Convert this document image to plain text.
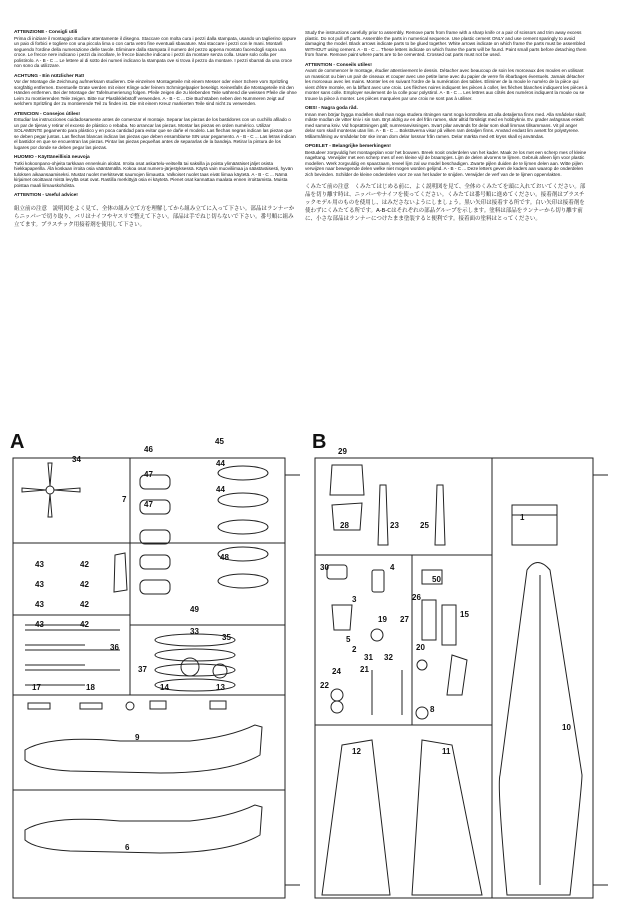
ATTENZIONE - Consigli utili

Prima di iniziare il montaggio studiare attentamente il disegno. Staccare con molta cura i pezzi dalla stampata, usando un taglierino oppure un paio di forbici e togliere con una piccola lima o con carta vetro fine eventuali sbavature. Mai staccare i pezzi con le mani. Montarli seguendo l'ordine della numerazione delle tavole. Eliminare dalla stampata il numero del pezzo appena montato facendogli sopra una croce. Le frecce nere indicano i pezzi da incollare, le frecce bianche indicano i pezzi da montare senza colla. Usare solo colla per polistirolo. A - B - C ... Le lettere al di sotto dei numeri indicano la stampata ove si trova il pezzo da montare. I pezzi sbarrati da una croce non sono da utilizzare.

ACHTUNG - Ein nützlicher Rat!

Vor der Montage die Zeichnung aufmerksam studieren. Die einzelnen Montageteile mit einem Messer oder einer Schere vom Spritzling sorgfältig entfernen. Eventuelle Grate werden mit einer Klinge oder feinem Schmirgelpapier beseitigt. Keinesfalls die Montageteile mit den Händen entfernen. Bei der Montage der Tafelnumerierung folgen. Pfeile zeigen die zu klebenden Teile während die weissen Pfeile die ohne Leim zu montierenden Teile zeigen. Bitte nur Plastikklebstoff verwenden. A - B - C ... Die Buchstaben neben den Nummeren zeigt auf welchem Spritzling der zu montierende Teil zu finden ist. Die mit einem Kreuz markierten Teile sind nicht zu verwenden.

ATENCION - Consejos útiles!

Estudiar las instrucciones cuidadosamente antes de comenzar el montaje. Separar las piezas de los bastidores con un cuchillo afilado o un par de tijeras y retirar el exceso de plástico o rebaba. No arrancar las piezas. Montar las piezas en orden numérico. Utilizar SOLAMENTE pegamento para plástico y en poca cantidad para evitar que se dañe el modelo. Las flechas negras indican las piezas que se deben pegar juntas. Las flechas blancas indican las piezas que deben ensamblarse SIN usar pegamento. A - B - C ... Las letras indican el bastidor en que se encuentran las piezas. Pintar las piezas pequeñas antes de separarlas de la bandeja. Retirar la pintura de los lugares por donde se deben pegar las piezas.

HUOMIO - Käyttäneillisiä neuvoja

Tutki kokoonpano-ohjeita tarkkaan ennenkuin aloitat. Irroita osat askartelu-veitsellä tai saksilla ja poista ylimääräiset jäljet osista hiekkapaperilla. Älä koskaan irroita osia vääntämällä. Kokoa osat numero-järjestyksessä. Käytä vain muoviliimaa ja säästäväisesti, hyvän tuloksen aikaansaamiseksi. Mustat nuolet merkitsevät saumojen liimausta. Valkoiset nuolet taas eivät liimaa käytetä. A - B - C ... Nämä kirjaimet osoittavat mistä levyltä osat ovat. Rastilla merkittyjä osia ei käytetä. Pienet osat kannattaa maalata ennen irroittamista. Muista poistaa maali liimauskohdista.

ATTENTION - Useful advice!
組立前の注意　説明図をよく見て、全体の組み立て方を理解してから組み立てに入って下さい。部品はランナーからニッパーで切り取り、バリはナイフやヤスリで整えて下さい。部品は手でねじ切らないで下さい。番号順に組み立てます。プラスチック用接着剤を使用して下さい。

Study the instructions carefully prior to assembly. Remove parts from frame with a sharp knife or a pair of scissors and trim away excess plastic. Do not pull off parts. Assemble the parts in numerical sequence. Use plastic cement ONLY and use cement sparingly to avoid damaging the model. Black arrows indicate parts to be glued together. White arrows indicate on which frame the parts must be assembled WITHOUT using cement. A - B - C ... These letters indicate on which frame the parts will be found. Paint small parts before detaching them from frame. Remove paint where parts are to be cemented. Crossed out parts must not be used.

ATTENTION - Conseils utiles!

Avant de commencer le montage, étudier attentivement le dessin. Détacher avec beaucoup de soin les morceaux des moules en utilisant un massicot ou bien un pair de ciseaux et couper avec une petite lame avec du papier de verre fin ébarbages éventuels. Jamais détacher les morceaux avec les mains. Monter les en suivant l'ordre de la numération des tables. Eliminer de la moule le numéro de la pièce qui vient d'être montée, en la biffant avec une croix. Les flèches noires indiquent les pièces à coller, les flèches blanches indiquent les pièces à monter sans colle. Employer seulement de la colle pour polystirol. A - B - C ... Les lettres aux côtés des numéros indiquent la moule ou se trouve la pièce à monter. Les pièces marquées par une croix ne sont pas à utiliser.

OBS! - Nagra goda råd.

Innan men börjar bygga modellen skall man noga studera ritningen samt noga kontrollera att alla detaljerna finns med. Alla smådelar skall; måste modlan de vitter kniv i sin ram. Bryt aldrig av en del från ramen, skär alltid försiktigt med en hobbykniv. Ev. grader avlägsnas enkelt med samma kniv. Vid hopsättningen gäll; numreranvisningen. Svart pilar används för delar som skall limmas tillsammans. Vit pil anger delar som skall monteras utan lim. A - B - C ... Bokstäverna visar på vilken ram detaljen finns. Använd endast lim avsett för polystyrene. Målarmålning av smådelar bör ske innan dom delar lossnar från ramen. Delar märkta med ett kryss skall ej användas.

OPGELET - Belangrijke bemerkingen!

Bestudeer zorgvuldig het montageplan voor het bouwen. Breek nooit onderdelen van het kader. Maak ze los met een scherp mes of kleine nageltang. Verwijder met een scherp mes of een kleine vijl de braampjes. Lijm de delen alvorens te lijmen. Gebruik alleen lijm voor plastic modellen. Werk zorgvuldig en spaarzaam, teveel lijm zal uw model beschadigen. Zwarte pijlen duiden de te lijmen delen aan. Witte pijlen verwijzen naar bewegende delen welke niet mogen worden gelijmd. A - B - C ... Deze letters geven de kaders aan waarop de onderdelen zich bevinden. Schilder de kleine onderdelen voor ze van het kader te snijden. Verwijder de verf van de te lijmen oppervlakten.

くみたて前の注意　くみたてはじめる前に、よく説明図を見て、全体のくみたてを頭に入れておいてください。部品を切り離す時は、ニッパーやナイフを使ってください。くみたては番号順に進めてください。接着剤はプラスチックモデル用のものを使用し、はみださないようにしましょう。黒い矢印は接着する所です。白い矢印は接着剤を使わずにくみたてる所です。A-B-Cはそれぞれの部品グループを示します。塗料は部品をランナーから切り離す前に、小さな部品はランナーにつけたまま塗装すると便利です。接着面の塗料はとってください。
A	B
34
7
45
46
44
47
44
47
48
43	42
43	42
43	42
43	42
49
36
33
35
37
14	13
17	18
9
6
29
28	23	25
1
30	4
50
26
3
19 27
15
5
31 32
2	20
24 21
22
8
12	11
10
